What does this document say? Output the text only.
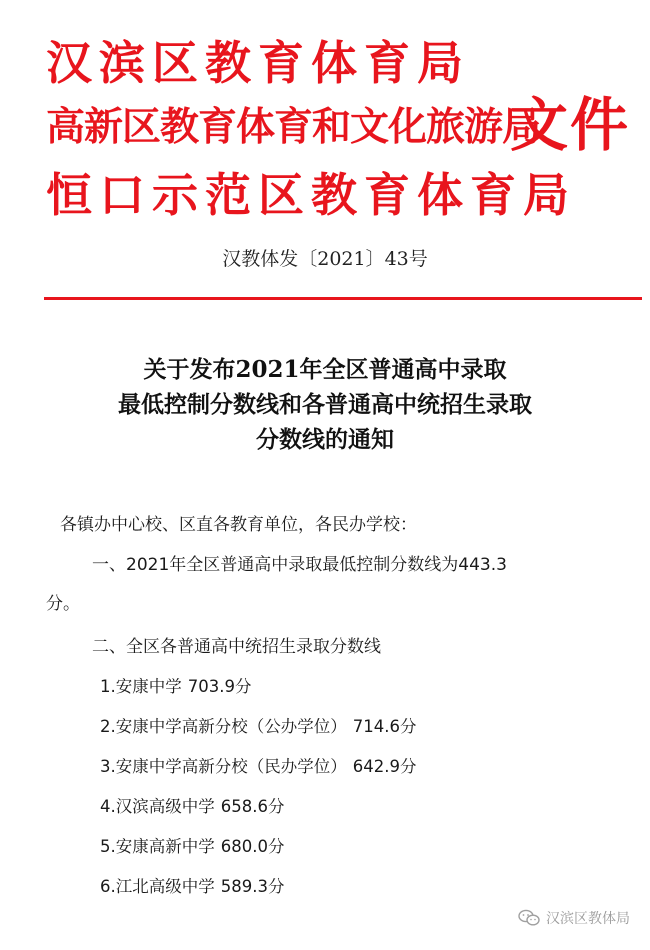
汉滨区教育体育局
高新区教育体育和文化旅游局
恒口示范区教育体育局
文件
汉教体发〔2021〕43号
关于发布2021年全区普通高中录取
最低控制分数线和各普通高中统招生录取
分数线的通知
各镇办中心校、区直各教育单位，各民办学校：
一、2021年全区普通高中录取最低控制分数线为443.3
分。
二、全区各普通高中统招生录取分数线
1.安康中学 703.9分
2.安康中学高新分校（公办学位） 714.6分
3.安康中学高新分校（民办学位） 642.9分
4.汉滨高级中学 658.6分
5.安康高新中学 680.0分
6.江北高级中学 589.3分
汉滨区教体局
